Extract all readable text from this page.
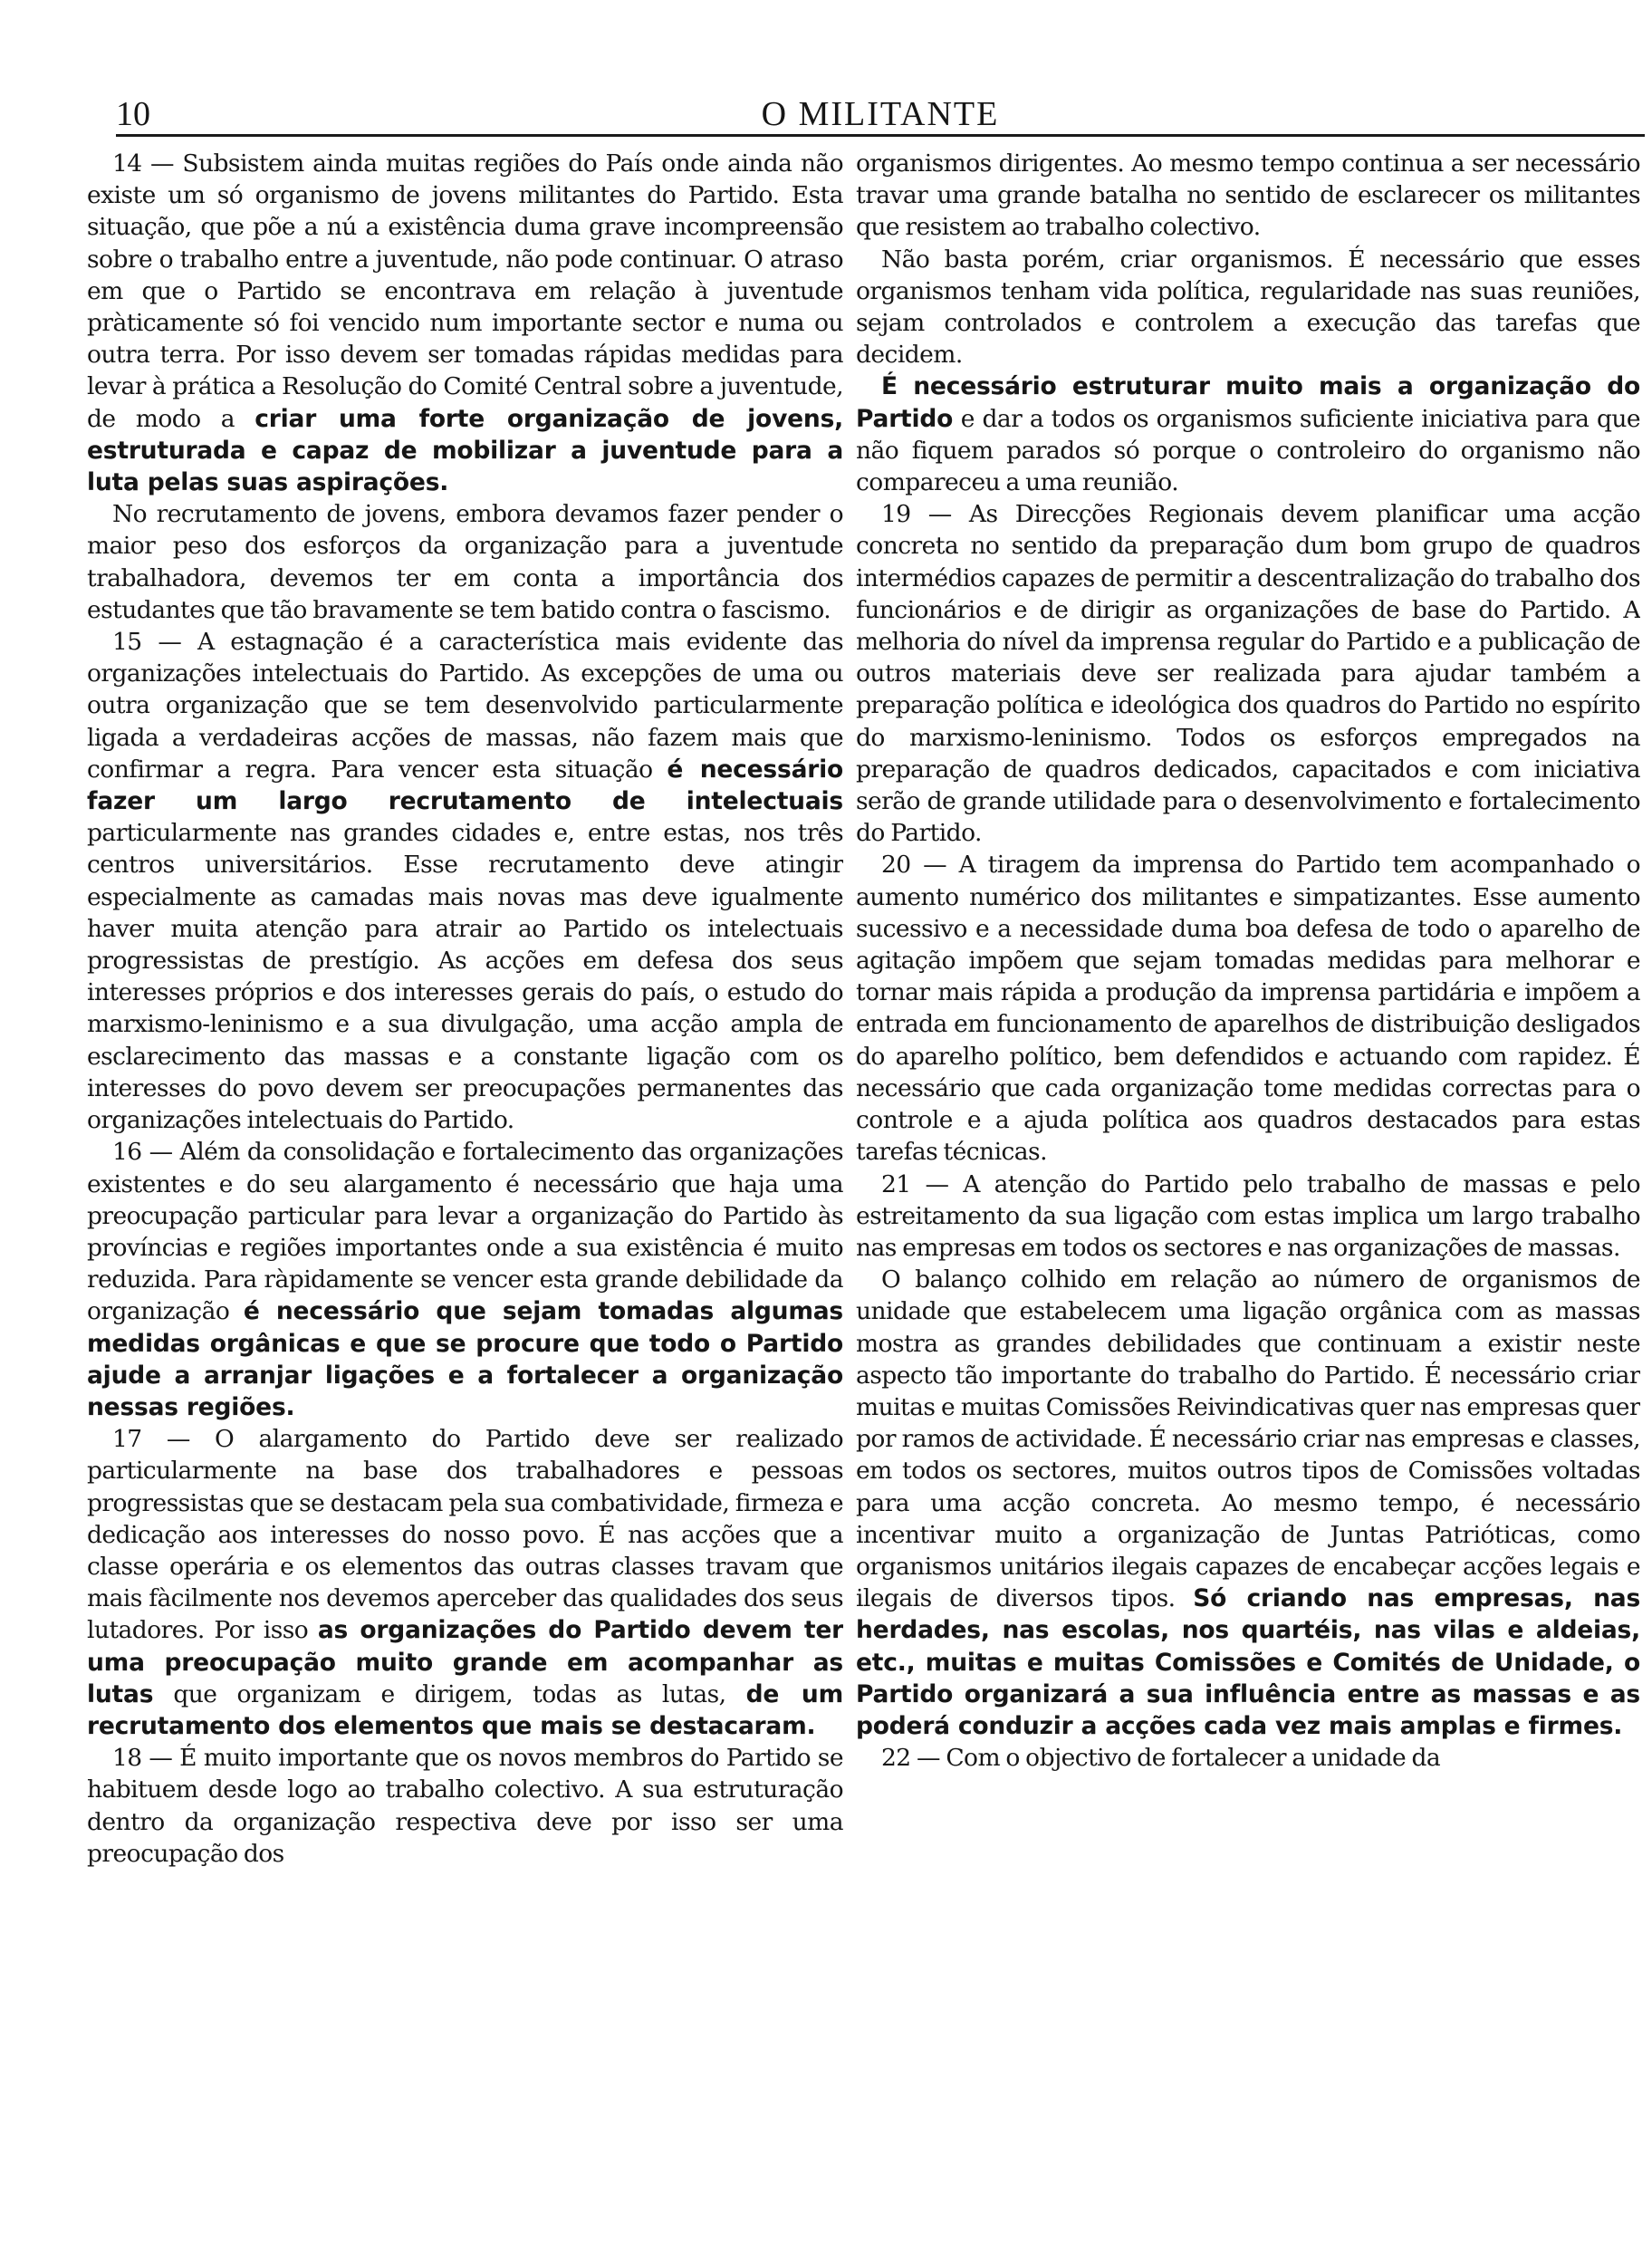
10	O MILITANTE

14 — Subsistem ainda muitas regiões do País onde ainda não existe um só organismo de jovens militantes do Partido. Esta situação, que põe a nú a existência duma grave incompreensão sobre o trabalho entre a juventude, não pode continuar. O atraso em que o Partido se encontrava em relação à juventude pràticamente só foi vencido num importante sector e numa ou outra terra. Por isso devem ser tomadas rápidas medidas para levar à prática a Resolução do Comité Central sobre a juventude, de modo a criar uma forte organização de jovens, estruturada e capaz de mobilizar a juventude para a luta pelas suas aspirações.

No recrutamento de jovens, embora devamos fazer pender o maior peso dos esforços da organização para a juventude trabalhadora, devemos ter em conta a importância dos estudantes que tão bravamente se tem batido contra o fascismo.

15 — A estagnação é a característica mais evidente das organizações intelectuais do Partido. As excepções de uma ou outra organização que se tem desenvolvido particularmente ligada a verdadeiras acções de massas, não fazem mais que confirmar a regra. Para vencer esta situação é necessário fazer um largo recrutamento de intelectuais particularmente nas grandes cidades e, entre estas, nos três centros universitários. Esse recrutamento deve atingir especialmente as camadas mais novas mas deve igualmente haver muita atenção para atrair ao Partido os intelectuais progressistas de prestígio. As acções em defesa dos seus interesses próprios e dos interesses gerais do país, o estudo do marxismo-leninismo e a sua divulgação, uma acção ampla de esclarecimento das massas e a constante ligação com os interesses do povo devem ser preocupações permanentes das organizações intelectuais do Partido.

16 — Além da consolidação e fortalecimento das organizações existentes e do seu alargamento é necessário que haja uma preocupação particular para levar a organização do Partido às províncias e regiões importantes onde a sua existência é muito reduzida. Para ràpidamente se vencer esta grande debilidade da organização é necessário que sejam tomadas algumas medidas orgânicas e que se procure que todo o Partido ajude a arranjar ligações e a fortalecer a organização nessas regiões.

17 — O alargamento do Partido deve ser realizado particularmente na base dos trabalhadores e pessoas progressistas que se destacam pela sua combatividade, firmeza e dedicação aos interesses do nosso povo. É nas acções que a classe operária e os elementos das outras classes travam que mais fàcilmente nos devemos aperceber das qualidades dos seus lutadores. Por isso as organizações do Partido devem ter uma preocupação muito grande em acompanhar as lutas que organizam e dirigem, todas as lutas, de um recrutamento dos elementos que mais se destacaram.

18 — É muito importante que os novos membros do Partido se habituem desde logo ao trabalho colectivo. A sua estruturação dentro da organização respectiva deve por isso ser uma preocupação dos

organismos dirigentes. Ao mesmo tempo continua a ser necessário travar uma grande batalha no sentido de esclarecer os militantes que resistem ao trabalho colectivo.

Não basta porém, criar organismos. É necessário que esses organismos tenham vida política, regularidade nas suas reuniões, sejam controlados e controlem a execução das tarefas que decidem.

É necessário estruturar muito mais a organização do Partido e dar a todos os organismos suficiente iniciativa para que não fiquem parados só porque o controleiro do organismo não compareceu a uma reunião.

19 — As Direcções Regionais devem planificar uma acção concreta no sentido da preparação dum bom grupo de quadros intermédios capazes de permitir a descentralização do trabalho dos funcionários e de dirigir as organizações de base do Partido. A melhoria do nível da imprensa regular do Partido e a publicação de outros materiais deve ser realizada para ajudar também a preparação política e ideológica dos quadros do Partido no espírito do marxismo-leninismo. Todos os esforços empregados na preparação de quadros dedicados, capacitados e com iniciativa serão de grande utilidade para o desenvolvimento e fortalecimento do Partido.

20 — A tiragem da imprensa do Partido tem acompanhado o aumento numérico dos militantes e simpatizantes. Esse aumento sucessivo e a necessidade duma boa defesa de todo o aparelho de agitação impõem que sejam tomadas medidas para melhorar e tornar mais rápida a produção da imprensa partidária e impõem a entrada em funcionamento de aparelhos de distribuição desligados do aparelho político, bem defendidos e actuando com rapidez. É necessário que cada organização tome medidas correctas para o controle e a ajuda política aos quadros destacados para estas tarefas técnicas.

21 — A atenção do Partido pelo trabalho de massas e pelo estreitamento da sua ligação com estas implica um largo trabalho nas empresas em todos os sectores e nas organizações de massas.

O balanço colhido em relação ao número de organismos de unidade que estabelecem uma ligação orgânica com as massas mostra as grandes debilidades que continuam a existir neste aspecto tão importante do trabalho do Partido. É necessário criar muitas e muitas Comissões Reivindicativas quer nas empresas quer por ramos de actividade. É necessário criar nas empresas e classes, em todos os sectores, muitos outros tipos de Comissões voltadas para uma acção concreta. Ao mesmo tempo, é necessário incentivar muito a organização de Juntas Patrióticas, como organismos unitários ilegais capazes de encabeçar acções legais e ilegais de diversos tipos. Só criando nas empresas, nas herdades, nas escolas, nos quartéis, nas vilas e aldeias, etc., muitas e muitas Comissões e Comités de Unidade, o Partido organizará a sua influência entre as massas e as poderá conduzir a acções cada vez mais amplas e firmes.

22 — Com o objectivo de fortalecer a unidade da
